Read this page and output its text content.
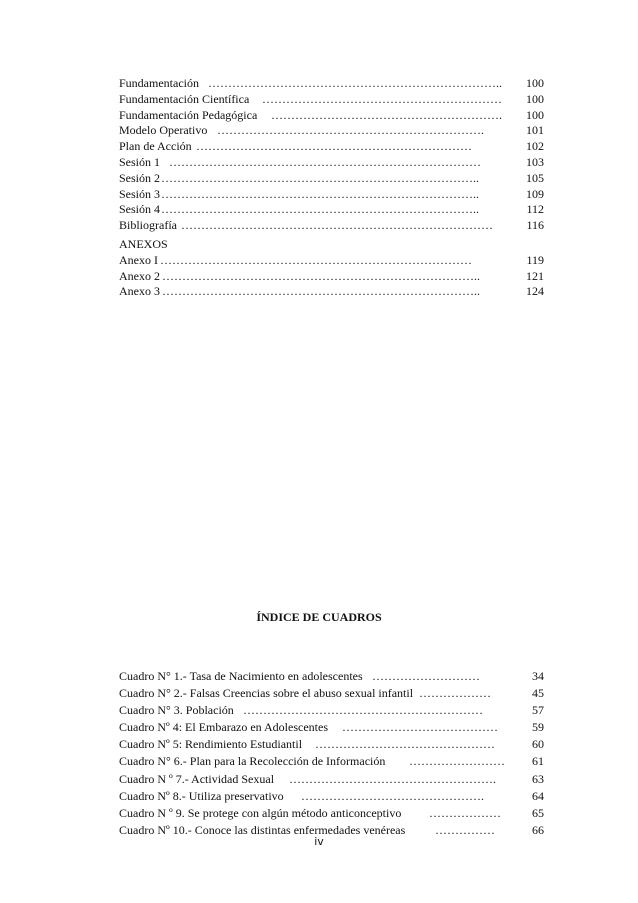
Fundamentación ………………………………………………………………..	100
Fundamentación Científica ……………………………………………………	100
Fundamentación Pedagógica ………………………………………………….	100
Modelo Operativo ………………………………………………………….	101
Plan de Acción ……………………………………………………………	102
Sesión 1 ……………………………………………………………………	103
Sesión 2 ……………………………………………………………………..	105
Sesión 3 ……………………………………………………………………..	109
Sesión 4 ……………………………………………………………………..	112
Bibliografía ……………………………………………………………………	116
ANEXOS
Anexo I ……………………………………………………………………	119
Anexo 2 ……………………………………………………………………..	121
Anexo 3 ……………………………………………………………………..	124
ÍNDICE DE CUADROS
Cuadro N° 1.- Tasa de Nacimiento en adolescentes ………………………	34
Cuadro N° 2.- Falsas Creencias sobre el abuso sexual infantil ………………	45
Cuadro N° 3. Población ……………………………………………………	57
Cuadro Nº 4: El Embarazo en Adolescentes …………………………………	59
Cuadro Nº 5: Rendimiento Estudiantil ………………………………………	60
Cuadro N° 6.- Plan para la Recolección de Información ……………………	61
Cuadro N º 7.- Actividad Sexual …………………………………………….	63
Cuadro Nº 8.- Utiliza preservativo ……………………………………….	64
Cuadro N º 9. Se protege con algún método anticonceptivo ………………	65
Cuadro Nº 10.- Conoce las distintas enfermedades venéreas ……………	66
iv
